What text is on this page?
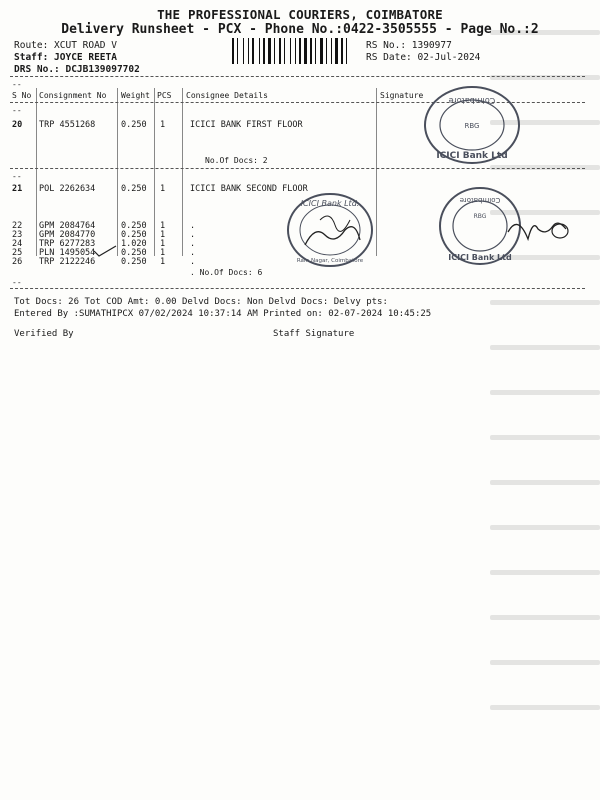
THE PROFESSIONAL COURIERS, COIMBATORE
Delivery Runsheet - PCX - Phone No.:0422-3505555 - Page No.:2
Route: XCUT ROAD V
Staff: JOYCE REETA
DRS No.: DCJB139097702
RS No.: 1390977
RS Date: 02-Jul-2024
--
S No Consignment No Weight PCS Consignee Details	Signature
--
20 TRP 4551268	0.250 1	ICICI BANK FIRST FLOOR
No.Of Docs: 2
--
21 POL 2262634	0.250 1	ICICI BANK SECOND FLOOR
22 GPM 2084764	0.250 1	.
23 GPM 2084770	0.250 1	.
24 TRP 6277283	1.020 1	.
25 PLN 1495054	0.250 1	.
26 TRP 2122246	0.250 1	.
. No.Of Docs: 6
Coimbatore
RBG
ICICI Bank Ltd
ICICI Bank Ltd.
Ram Nagar, Coimbatore
Coimbatore
RBG
ICICI Bank Ltd
--
Tot Docs: 26 Tot COD Amt: 0.00 Delvd Docs: Non Delvd Docs: Delvy pts:
Entered By :SUMATHIPCX 07/02/2024 10:37:14 AM Printed on: 02-07-2024 10:45:25
Verified By	Staff Signature
